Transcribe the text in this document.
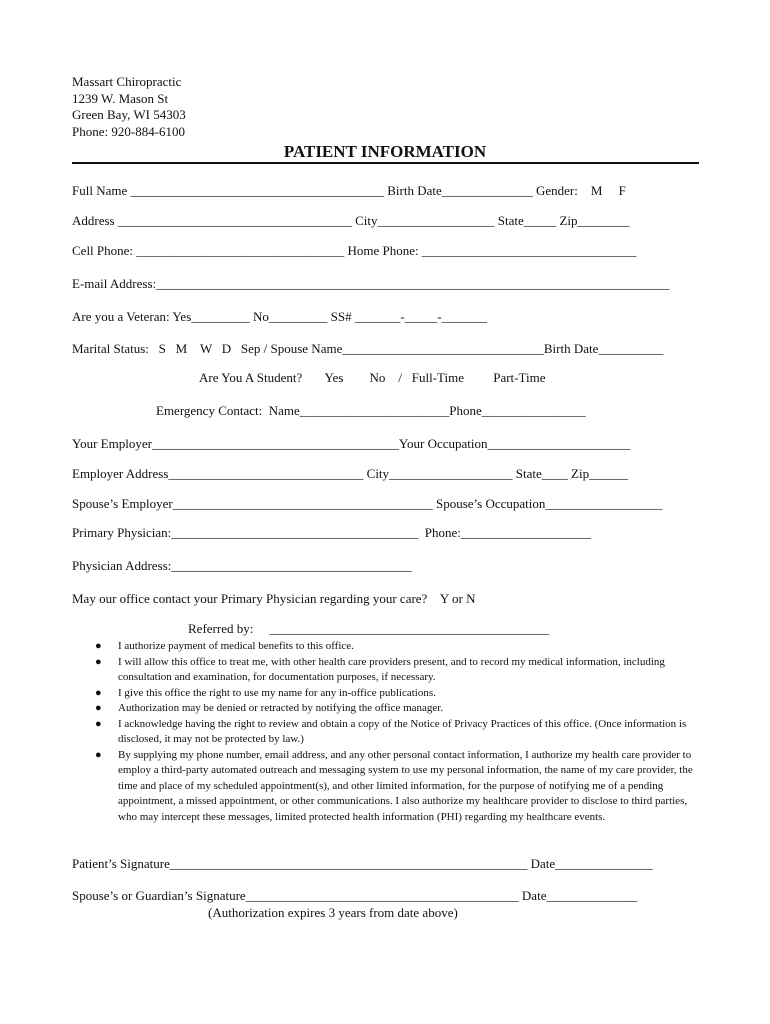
Massart Chiropractic
1239 W. Mason St
Green Bay, WI 54303
Phone: 920-884-6100
PATIENT INFORMATION
Full Name _______________________________________ Birth Date______________ Gender:    M     F
Address ____________________________________ City__________________ State_____ Zip________
Cell Phone: ________________________________ Home Phone: _________________________________
E-mail Address:_______________________________________________________________________________
Are you a Veteran: Yes_________ No_________ SS# _______-_____-_______
Marital Status:   S   M    W   D   Sep / Spouse Name_______________________________Birth Date__________
Are You A Student?       Yes        No    /   Full-Time         Part-Time
Emergency Contact:  Name_______________________Phone________________
Your Employer______________________________________Your Occupation______________________
Employer Address______________________________ City___________________ State____ Zip______
Spouse’s Employer________________________________________ Spouse’s Occupation__________________
Primary Physician:______________________________________  Phone:____________________
Physician Address:_____________________________________
May our office contact your Primary Physician regarding your care?    Y or N
Referred by:     ___________________________________________
● I authorize payment of medical benefits to this office.
● I will allow this office to treat me, with other health care providers present, and to record my medical information, including consultation and examination, for documentation purposes, if necessary.
● I give this office the right to use my name for any in-office publications.
● Authorization may be denied or retracted by notifying the office manager.
● I acknowledge having the right to review and obtain a copy of the Notice of Privacy Practices of this office. (Once information is disclosed, it may not be protected by law.)
● By supplying my phone number, email address, and any other personal contact information, I authorize my health care provider to employ a third-party automated outreach and messaging system to use my personal information, the name of my care provider, the time and place of my scheduled appointment(s), and other limited information, for the purpose of notifying me of a pending appointment, a missed appointment, or other communications. I also authorize my healthcare provider to disclose to third parties, who may intercept these messages, limited protected health information (PHI) regarding my healthcare events.
Patient’s Signature_______________________________________________________ Date_______________
Spouse’s or Guardian’s Signature__________________________________________ Date______________
(Authorization expires 3 years from date above)
